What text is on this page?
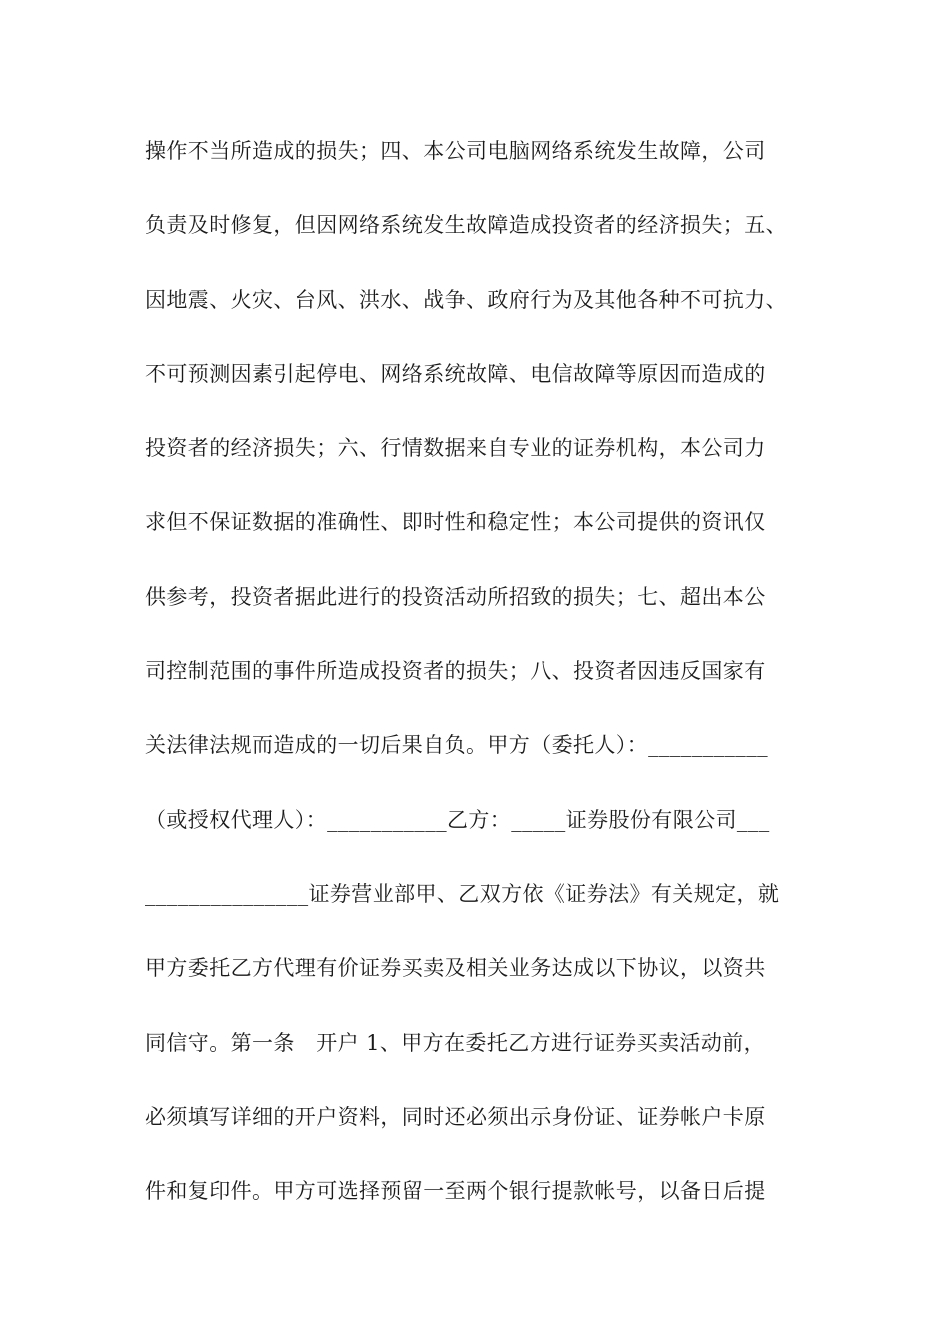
操作不当所造成的损失；四、本公司电脑网络系统发生故障，公司
负责及时修复，但因网络系统发生故障造成投资者的经济损失；五、
因地震、火灾、台风、洪水、战争、政府行为及其他各种不可抗力、
不可预测因素引起停电、网络系统故障、电信故障等原因而造成的
投资者的经济损失；六、行情数据来自专业的证券机构，本公司力
求但不保证数据的准确性、即时性和稳定性；本公司提供的资讯仅
供参考，投资者据此进行的投资活动所招致的损失；七、超出本公
司控制范围的事件所造成投资者的损失；八、投资者因违反国家有
关法律法规而造成的一切后果自负。甲方（委托人）：___________
（或授权代理人）：___________乙方：_____证券股份有限公司___
_______________证券营业部甲、乙双方依《证券法》有关规定，就
甲方委托乙方代理有价证券买卖及相关业务达成以下协议，以资共
同信守。第一条　开户 1、甲方在委托乙方进行证券买卖活动前，
必须填写详细的开户资料，同时还必须出示身份证、证券帐户卡原
件和复印件。甲方可选择预留一至两个银行提款帐号，以备日后提
